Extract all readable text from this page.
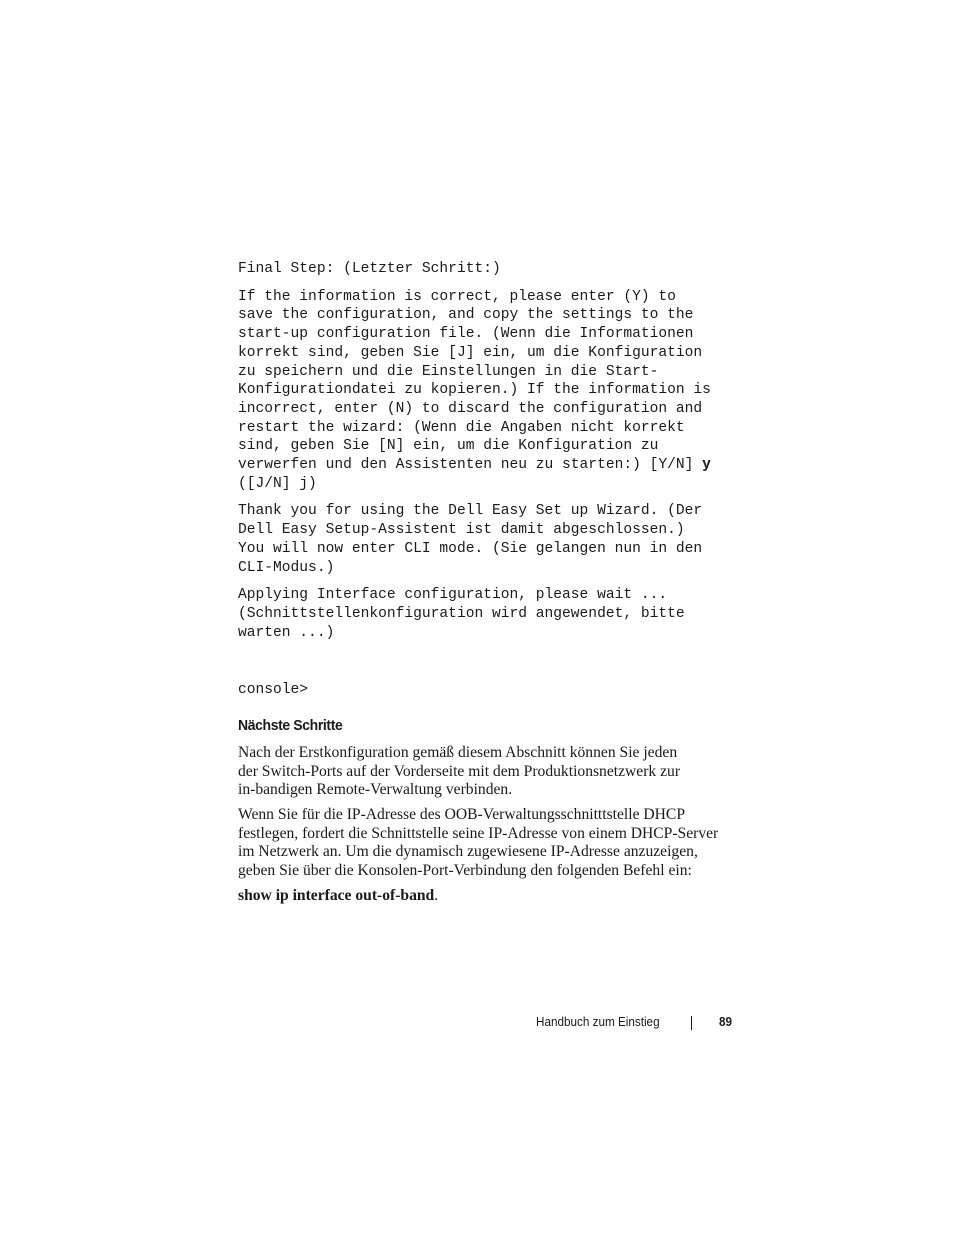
Final Step: (Letzter Schritt:)

If the information is correct, please enter (Y) to
save the configuration, and copy the settings to the
start-up configuration file. (Wenn die Informationen
korrekt sind, geben Sie [J] ein, um die Konfiguration
zu speichern und die Einstellungen in die Start-
Konfigurationdatei zu kopieren.) If the information is
incorrect, enter (N) to discard the configuration and
restart the wizard: (Wenn die Angaben nicht korrekt
sind, geben Sie [N] ein, um die Konfiguration zu
verwerfen und den Assistenten neu zu starten:) [Y/N] y
([J/N] j)

Thank you for using the Dell Easy Set up Wizard. (Der
Dell Easy Setup-Assistent ist damit abgeschlossen.)
You will now enter CLI mode. (Sie gelangen nun in den
CLI-Modus.)

Applying Interface configuration, please wait ...
(Schnittstellenkonfiguration wird angewendet, bitte
warten ...)

console>
Nächste Schritte

Nach der Erstkonfiguration gemäß diesem Abschnitt können Sie jeden
der Switch-Ports auf der Vorderseite mit dem Produktionsnetzwerk zur
in-bandigen Remote-Verwaltung verbinden.

Wenn Sie für die IP-Adresse des OOB-Verwaltungsschnitttstelle DHCP
festlegen, fordert die Schnittstelle seine IP-Adresse von einem DHCP-Server
im Netzwerk an. Um die dynamisch zugewiesene IP-Adresse anzuzeigen,
geben Sie über die Konsolen-Port-Verbindung den folgenden Befehl ein:

show ip interface out-of-band.

Handbuch zum Einstieg	89
